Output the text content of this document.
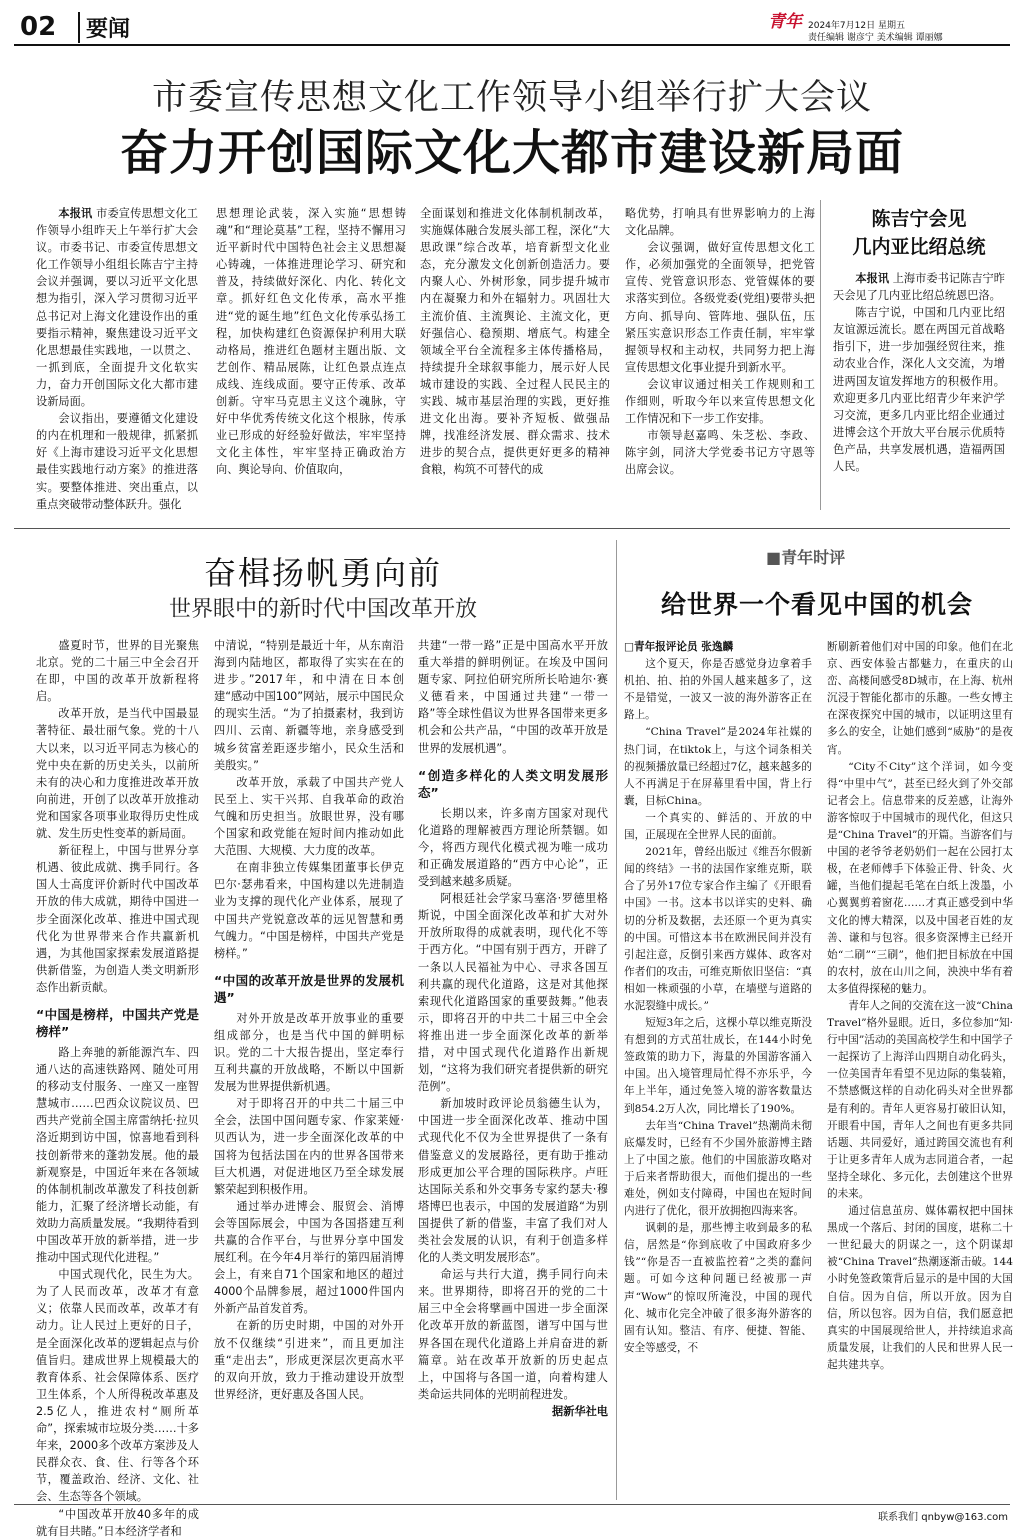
02	要闻	青年 2024年7月12日 星期五
责任编辑 谢彦宁 美术编辑 谭丽娜
市委宣传思想文化工作领导小组举行扩大会议
奋力开创国际文化大都市建设新局面

本报讯 市委宣传思想文化工作领导小组昨天上午举行扩大会议。市委书记、市委宣传思想文化工作领导小组组长陈吉宁主持会议并强调，要以习近平文化思想为指引，深入学习贯彻习近平总书记对上海文化建设作出的重要指示精神，聚焦建设习近平文化思想最佳实践地，一以贯之、一抓到底，全面提升文化软实力，奋力开创国际文化大都市建设新局面。

会议指出，要遵循文化建设的内在机理和一般规律，抓紧抓好《上海市建设习近平文化思想最佳实践地行动方案》的推进落实。要整体推进、突出重点，以重点突破带动整体跃升。强化

思想理论武装，深入实施“思想铸魂”和“理论莫基”工程，坚持不懈用习近平新时代中国特色社会主义思想凝心铸魂，一体推进理论学习、研究和普及，持续做好深化、内化、转化文章。抓好红色文化传承，高水平推进“党的诞生地”红色文化传承弘扬工程，加快构建红色资源保护利用大联动格局，推进红色题材主题出版、文艺创作、精品展陈，让红色景点连点成线、连线成面。要守正传承、改革创新。守牢马克思主义这个魂脉，守好中华优秀传统文化这个根脉，传承业已形成的好经验好做法，牢牢坚持文化主体性，牢牢坚持正确政治方向、舆论导向、价值取向，

全面谋划和推进文化体制机制改革，实施媒体融合发展头部工程，深化“大思政课”综合改革，培育新型文化业态，充分激发文化创新创造活力。要内聚人心、外树形象，同步提升城市内在凝聚力和外在辐射力。巩固壮大主流价值、主流舆论、主流文化，更好强信心、稳预期、增底气。构建全领域全平台全流程多主体传播格局，持续提升全球叙事能力，展示好人民城市建设的实践、全过程人民民主的实践、城市基层治理的实践，更好推进文化出海。要补齐短板、做强品牌，找准经济发展、群众需求、技术进步的契合点，提供更好更多的精神食粮，构筑不可替代的成

略优势，打响具有世界影响力的上海文化品牌。

会议强调，做好宣传思想文化工作，必须加强党的全面领导，把党管宣传、党管意识形态、党管媒体的要求落实到位。各级党委(党组)要带头把方向、抓导向、管阵地、强队伍，压紧压实意识形态工作责任制，牢牢掌握领导权和主动权，共同努力把上海宣传思想文化事业提升到新水平。

会议审议通过相关工作规则和工作细则，听取今年以来宣传思想文化工作情况和下一步工作安排。

市领导赵嘉鸣、朱芝松、李政、陈宇剑，同济大学党委书记方守恩等出席会议。

陈吉宁会见
几内亚比绍总统

本报讯 上海市委书记陈吉宁昨天会见了几内亚比绍总统恩巴洛。

陈吉宁说，中国和几内亚比绍友谊源远流长。愿在两国元首战略指引下，进一步加强经贸往来，推动农业合作，深化人文交流，为增进两国友谊发挥地方的积极作用。欢迎更多几内亚比绍青少年来沪学习交流，更多几内亚比绍企业通过进博会这个开放大平台展示优质特色产品，共享发展机遇，造福两国人民。

奋楫扬帆勇向前
世界眼中的新时代中国改革开放

盛夏时节，世界的目光聚焦北京。党的二十届三中全会召开在即，中国的改革开放新程将启。

改革开放，是当代中国最显著特征、最壮丽气象。党的十八大以来，以习近平同志为核心的党中央在新的历史关头，以前所未有的决心和力度推进改革开放向前进，开创了以改革开放推动党和国家各项事业取得历史性成就、发生历史性变革的新局面。

新征程上，中国与世界分享机遇、彼此成就、携手同行。各国人士高度评价新时代中国改革开放的伟大成就，期待中国进一步全面深化改革、推进中国式现代化为世界带来合作共赢新机遇，为其他国家探索发展道路提供新借鉴，为创造人类文明新形态作出新贡献。

“中国是榜样，中国共产党是榜样”

路上奔驰的新能源汽车、四通八达的高速铁路网、随处可用的移动支付服务、一座又一座智慧城市……巴西众议院议员、巴西共产党前全国主席雷纳托·拉贝洛近期到访中国，惊喜地看到科技创新带来的蓬勃发展。他的最新观察是，中国近年来在各领域的体制机制改革激发了科技创新能力，汇聚了经济增长动能，有效助力高质量发展。“我期待看到中国改革开放的新举措，进一步推动中国式现代化进程。”

中国式现代化，民生为大。为了人民而改革，改革才有意义；依靠人民而改革，改革才有动力。让人民过上更好的日子，是全面深化改革的逻辑起点与价值旨归。建成世界上规模最大的教育体系、社会保障体系、医疗卫生体系，个人所得税改革惠及2.5亿人，推进农村“厕所革命”，探索城市垃圾分类……十多年来，2000多个改革方案涉及人民群众衣、食、住、行等各个环节，覆盖政治、经济、文化、社会、生态等各个领域。

“中国改革开放40多年的成就有目共睹。”日本经济学者和

中清说，“特别是最近十年，从东南沿海到内陆地区，都取得了实实在在的进步。”2017年，和中清在日本创建“感动中国100”网站，展示中国民众的现实生活。“为了拍摄素材，我到访四川、云南、新疆等地，亲身感受到城乡贫富差距逐步缩小，民众生活和美殷实。”

改革开放，承载了中国共产党人民至上、实干兴邦、自我革命的政治气魄和历史担当。放眼世界，没有哪个国家和政党能在短时间内推动如此大范围、大规模、大力度的改革。

在南非独立传媒集团董事长伊克巴尔·瑟弗看来，中国构建以先进制造业为支撑的现代化产业体系，展现了中国共产党锐意改革的远见智慧和勇气魄力。“中国是榜样，中国共产党是榜样。”

“中国的改革开放是世界的发展机遇”

对外开放是改革开放事业的重要组成部分，也是当代中国的鲜明标识。党的二十大报告提出，坚定奉行互利共赢的开放战略，不断以中国新发展为世界提供新机遇。

对于即将召开的中共二十届三中全会，法国中国问题专家、作家莱娅·贝西认为，进一步全面深化改革的中国将为包括法国在内的世界各国带来巨大机遇，对促进地区乃至全球发展繁荣起到积极作用。

通过举办进博会、服贸会、消博会等国际展会，中国为各国搭建互利共赢的合作平台，与世界分享中国发展红利。在今年4月举行的第四届消博会上，有来自71个国家和地区的超过4000个品牌参展，超过1000件国内外新产品首发首秀。

在新的历史时期，中国的对外开放不仅继续“引进来”，而且更加注重“走出去”，形成更深层次更高水平的双向开放，致力于推动建设开放型世界经济，更好惠及各国人民。

共建“一带一路”正是中国高水平开放重大举措的鲜明例证。在埃及中国问题专家、阿拉伯研究所所长哈迪尔·赛义德看来，中国通过共建“一带一路”等全球性倡议为世界各国带来更多机会和公共产品，“中国的改革开放是世界的发展机遇”。

“创造多样化的人类文明发展形态”

长期以来，许多南方国家对现代化道路的理解被西方理论所禁锢。如今，将西方现代化模式视为唯一成功和正确发展道路的“西方中心论”，正受到越来越多质疑。

阿根廷社会学家马塞洛·罗德里格斯说，中国全面深化改革和扩大对外开放所取得的成就表明，现代化不等于西方化。“中国有别于西方，开辟了一条以人民福祉为中心、寻求各国互利共赢的现代化道路，这是对其他探索现代化道路国家的重要鼓舞。”他表示，即将召开的中共二十届三中全会将推出进一步全面深化改革的新举措，对中国式现代化道路作出新规划，“这将为我们研究者提供新的研究范例”。

新加坡时政评论员翁德生认为，中国进一步全面深化改革、推动中国式现代化不仅为全世界提供了一条有借鉴意义的发展路径，更有助于推动形成更加公平合理的国际秩序。卢旺达国际关系和外交事务专家约瑟夫·穆塔博巴也表示，中国的发展道路“为别国提供了新的借鉴，丰富了我们对人类社会发展的认识，有利于创造多样化的人类文明发展形态”。

命运与共行大道，携手同行向未来。世界期待，即将召开的党的二十届三中全会将擘画中国进一步全面深化改革开放的新蓝图，谱写中国与世界各国在现代化道路上并肩奋进的新篇章。站在改革开放新的历史起点上，中国将与各国一道，向着构建人类命运共同体的光明前程进发。

据新华社电

■青年时评
给世界一个看见中国的机会

□青年报评论员 张逸麟

这个夏天，你是否感觉身边拿着手机拍、拍、拍的外国人越来越多了，这不是错觉，一波又一波的海外游客正在路上。

“China Travel”是2024年社媒的热门词，在tiktok上，与这个词条相关的视频播放量已经超过7亿，越来越多的人不再满足于在屏幕里看中国，背上行囊，目标China。

一个真实的、鲜活的、开放的中国，正展现在全世界人民的面前。

2021年，曾经出版过《维吾尔假新闻的终结》一书的法国作家维克斯，联合了另外17位专家合作主编了《开眼看中国》一书。这本书以详实的史料、确切的分析及数据，去还原一个更为真实的中国。可惜这本书在欧洲民间并没有引起注意，反倒引来西方媒体、政客对作者们的攻击，可维克斯依旧坚信：“真相如一株顽强的小草，在墙壁与道路的水泥裂缝中成长。”

短短3年之后，这棵小草以维克斯没有想到的方式茁壮成长，在144小时免签政策的助力下，海量的外国游客涌入中国。出入境管理局忙得不亦乐乎，今年上半年，通过免签入境的游客数量达到854.2万人次，同比增长了190%。

去年当“China Travel”热潮尚未彻底爆发时，已经有不少国外旅游博主踏上了中国之旅。他们的中国旅游攻略对于后来者帮助很大，而他们提出的一些难处，例如支付障碍，中国也在短时间内进行了优化，很开放拥抱四海来客。

讽刺的是，那些博主收到最多的私信，居然是“你到底收了中国政府多少钱”“你是否一直被监控着”之类的蠢问题。可如今这种问题已经被那一声声“Wow”的惊叹所淹没，中国的现代化、城市化完全冲破了很多海外游客的固有认知。整洁、有序、便捷、智能、安全等感受，不

断刷新着他们对中国的印象。他们在北京、西安体验古都魅力，在重庆的山峦、高楼间感受8D城市，在上海、杭州沉浸于智能化都市的乐趣。一些女博主在深夜探究中国的城市，以证明这里有多么的安全，让她们感到“威胁”的是夜宵。

“City不City”这个洋词，如今变得“中里中气”，甚至已经火到了外交部记者会上。信息带来的反差感，让海外游客惊叹于中国城市的现代化，但这只是“China Travel”的开篇。当游客们与中国的老爷爷老奶奶们一起在公园打太极，在老师傅手下体验正骨、针灸、火罐，当他们提起毛笔在白纸上泼墨，小心翼翼剪着窗花……才真正感受到中华文化的博大精深，以及中国老百姓的友善、谦和与包容。很多资深博主已经开始“二刷”“三刷”，他们把目标放在中国的农村，放在山川之间，泱泱中华有着太多值得探秘的魅力。

青年人之间的交流在这一波“China Travel”格外显眼。近日，多位参加“知·行中国”活动的美国高校学生和中国学子一起探访了上海洋山四期自动化码头，一位美国青年看望不见边际的集装箱，不禁感慨这样的自动化码头对全世界都是有利的。青年人更容易打破旧认知，开眼看中国，青年人之间也有更多共同话题、共同爱好，通过跨国交流也有利于让更多青年人成为志同道合者，一起坚持全球化、多元化，去创建这个世界的未来。

通过信息茧房、媒体霸权把中国抹黑成一个落后、封闭的国度，堪称二十一世纪最大的阴谋之一，这个阴谋却被“China Travel”热潮逐渐击破。144小时免签政策背后显示的是中国的大国自信。因为自信，所以开放。因为自信，所以包容。因为自信，我们愿意把真实的中国展现给世人，并持续追求高质量发展，让我们的人民和世界人民一起共建共享。

联系我们 qnbyw@163.com
